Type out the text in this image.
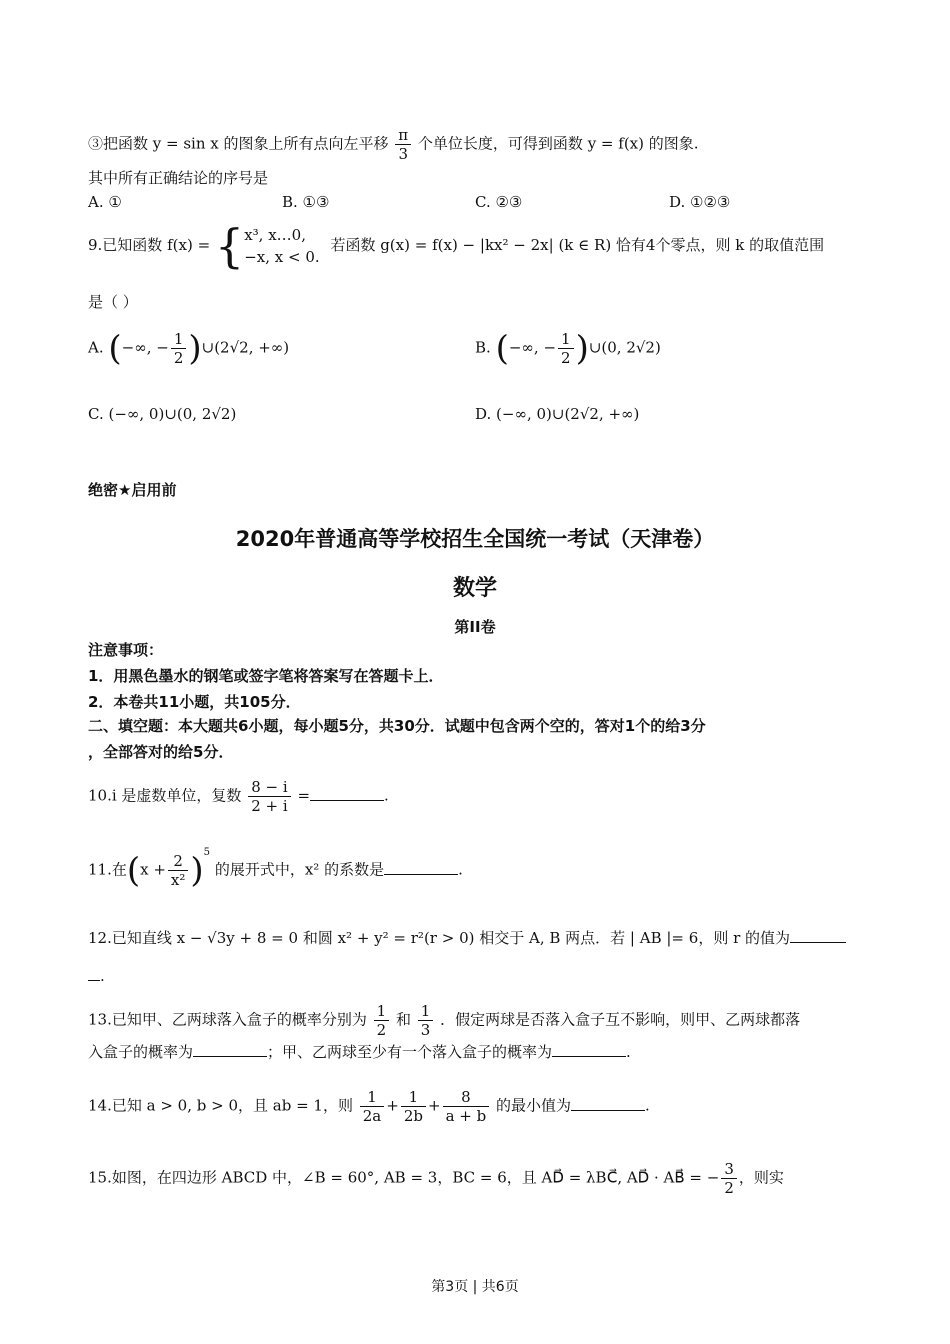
③把函数 y = sin x 的图象上所有点向左平移 $\frac{\pi}{3}$ 个单位长度，可得到函数 y = f(x) 的图象.
其中所有正确结论的序号是
A. ①	B. ①③	C. ②③	D. ①②③
9.已知函数 f(x) = { x³, x…0,
−x, x < 0.
若函数 g(x) = f(x) − |kx² − 2x| (k ∈ R) 恰有4个零点，则 k 的取值范围
是（ ）
A. (−∞, − $\frac{1}{2}$ )∪(2√2, +∞)	B. (−∞, − $\frac{1}{2}$ )∪(0, 2√2)
C. (−∞, 0)∪(0, 2√2)	D. (−∞, 0)∪(2√2, +∞)
绝密★启用前
2020年普通高等学校招生全国统一考试（天津卷）
数学
第II卷
注意事项：
1．用黑色墨水的钢笔或签字笔将答案写在答题卡上．
2．本卷共11小题，共105分．
二、填空题：本大题共6小题，每小题5分，共30分．试题中包含两个空的，答对1个的给3分
，全部答对的给5分．
10.i 是虚数单位，复数 $\frac{8 - i}{2 + i}$ =	.
11.在$(x + \frac{2}{\text{x²}} )^5$ 的展开式中，x² 的系数是	.
12.已知直线 x − √3y + 8 = 0 和圆 x² + y² = r²(r > 0) 相交于 A, B 两点．若 | AB |= 6，则 r 的值为
.
13.已知甲、乙两球落入盒子的概率分别为 $\frac{1}{2}$ 和 $\frac{1}{3}$ ．假定两球是否落入盒子互不影响，则甲、乙两球都落
入盒子的概率为	；甲、乙两球至少有一个落入盒子的概率为	.
14.已知 a > 0, b > 0，且 ab = 1，则 $\frac{1}{2a} + \frac{1}{2b} + \frac{8}{a + b}$ 的最小值为	.
15.如图，在四边形 ABCD 中，∠B = 60°, AB = 3，BC = 6，且 AD⃗ = λBC⃗, AD⃗ · AB⃗ = − $\frac{3}{2}$ ，则实
第3页 | 共6页
